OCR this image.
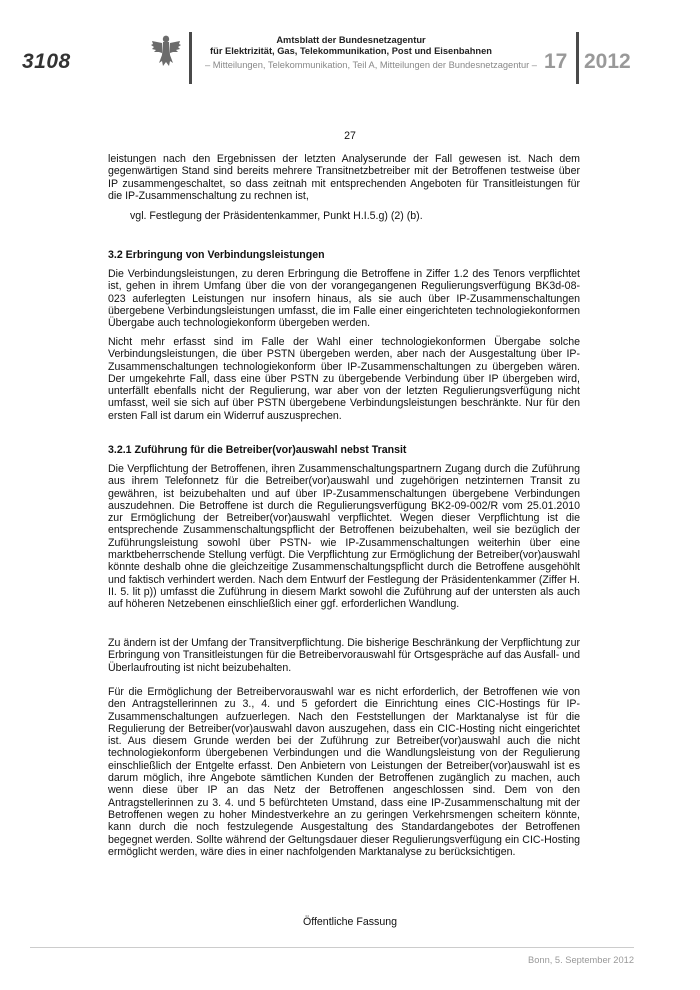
3108
Amtsblatt der Bundesnetzagentur
für Elektrizität, Gas, Telekommunikation, Post und Eisenbahnen
– Mitteilungen, Telekommunikation, Teil A, Mitteilungen der Bundesnetzagentur – 17 2012
27

leistungen nach den Ergebnissen der letzten Analyserunde der Fall gewesen ist. Nach dem gegenwärtigen Stand sind bereits mehrere Transitnetzbetreiber mit der Betroffenen testweise über IP zusammengeschaltet, so dass zeitnah mit entsprechenden Angeboten für Transitleistungen für die IP-Zusammenschaltung zu rechnen ist,

vgl. Festlegung der Präsidentenkammer, Punkt H.I.5.g) (2) (b).
3.2 Erbringung von Verbindungsleistungen

Die Verbindungsleistungen, zu deren Erbringung die Betroffene in Ziffer 1.2 des Tenors verpflichtet ist, gehen in ihrem Umfang über die von der vorangegangenen Regulierungsverfügung BK3d-08-023 auferlegten Leistungen nur insofern hinaus, als sie auch über IP-Zusammenschaltungen übergebene Verbindungsleistungen umfasst, die im Falle einer eingerichteten technologiekonformen Übergabe auch technologiekonform übergeben werden.

Nicht mehr erfasst sind im Falle der Wahl einer technologiekonformen Übergabe solche Verbindungsleistungen, die über PSTN übergeben werden, aber nach der Ausgestaltung über IP-Zusammenschaltungen technologiekonform über IP-Zusammenschaltungen zu übergeben wären. Der umgekehrte Fall, dass eine über PSTN zu übergebende Verbindung über IP übergeben wird, unterfällt ebenfalls nicht der Regulierung, war aber von der letzten Regulierungsverfügung nicht umfasst, weil sie sich auf über PSTN übergebene Verbindungsleistungen beschränkte. Nur für den ersten Fall ist darum ein Widerruf auszusprechen.

3.2.1 Zuführung für die Betreiber(vor)auswahl nebst Transit

Die Verpflichtung der Betroffenen, ihren Zusammenschaltungspartnern Zugang durch die Zuführung aus ihrem Telefonnetz für die Betreiber(vor)auswahl und zugehörigen netzinternen Transit zu gewähren, ist beizubehalten und auf über IP-Zusammenschaltungen übergebene Verbindungen auszudehnen. Die Betroffene ist durch die Regulierungsverfügung BK2-09-002/R vom 25.01.2010 zur Ermöglichung der Betreiber(vor)auswahl verpflichtet. Wegen dieser Verpflichtung ist die entsprechende Zusammenschaltungspflicht der Betroffenen beizubehalten, weil sie bezüglich der Zuführungsleistung sowohl über PSTN- wie IP-Zusammenschaltungen weiterhin über eine marktbeherrschende Stellung verfügt. Die Verpflichtung zur Ermöglichung der Betreiber(vor)auswahl könnte deshalb ohne die gleichzeitige Zusammenschaltungspflicht durch die Betroffene ausgehöhlt und faktisch verhindert werden. Nach dem Entwurf der Festlegung der Präsidentenkammer (Ziffer H. II. 5. lit p)) umfasst die Zuführung in diesem Markt sowohl die Zuführung auf der untersten als auch auf höheren Netzebenen einschließlich einer ggf. erforderlichen Wandlung.

Zu ändern ist der Umfang der Transitverpflichtung. Die bisherige Beschränkung der Verpflichtung zur Erbringung von Transitleistungen für die Betreibervorauswahl für Ortsgespräche auf das Ausfall- und Überlaufrouting ist nicht beizubehalten.

Für die Ermöglichung der Betreibervorauswahl war es nicht erforderlich, der Betroffenen wie von den Antragstellerinnen zu 3., 4. und 5 gefordert die Einrichtung eines CIC-Hostings für IP-Zusammenschaltungen aufzuerlegen. Nach den Feststellungen der Marktanalyse ist für die Regulierung der Betreiber(vor)auswahl davon auszugehen, dass ein CIC-Hosting nicht eingerichtet ist. Aus diesem Grunde werden bei der Zuführung zur Betreiber(vor)auswahl auch die nicht technologiekonform übergebenen Verbindungen und die Wandlungsleistung von der Regulierung einschließlich der Entgelte erfasst. Den Anbietern von Leistungen der Betreiber(vor)auswahl ist es darum möglich, ihre Angebote sämtlichen Kunden der Betroffenen zugänglich zu machen, auch wenn diese über IP an das Netz der Betroffenen angeschlossen sind. Dem von den Antragstellerinnen zu 3. 4. und 5 befürchteten Umstand, dass eine IP-Zusammenschaltung mit der Betroffenen wegen zu hoher Mindestverkehre an zu geringen Verkehrsmengen scheitern könnte, kann durch die noch festzulegende Ausgestaltung des Standardangebotes der Betroffenen begegnet werden. Sollte während der Geltungsdauer dieser Regulierungsverfügung ein CIC-Hosting ermöglicht werden, wäre dies in einer nachfolgenden Marktanalyse zu berücksichtigen.

Öffentliche Fassung
Bonn, 5. September 2012
